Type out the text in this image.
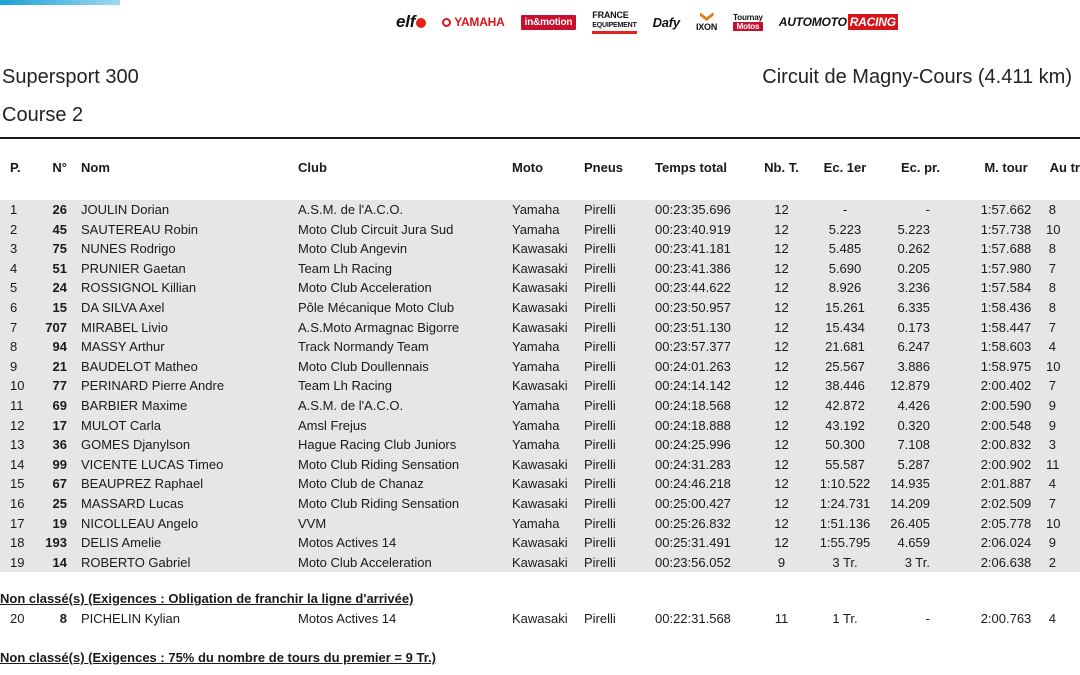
elf	YAMAHA	in&motion
FRANCE
EQUIPEMENT Dafy IXON
Tournay
Motos AUTOMOTO RACING
Supersport 300
Course 2
Circuit de Magny-Cours (4.411 km)
P.	N°	Nom	Club	Moto	Pneus	Temps total	Nb. T.	Ec. 1er	Ec. pr.	M. tour	Au tr

1	26	JOULIN Dorian	A.S.M. de l'A.C.O.	Yamaha	Pirelli	00:23:35.696	12	-	-	1:57.662	8
2	45	SAUTEREAU Robin	Moto Club Circuit Jura Sud	Yamaha	Pirelli	00:23:40.919	12	5.223	5.223	1:57.738	10
3	75	NUNES Rodrigo	Moto Club Angevin	Kawasaki	Pirelli	00:23:41.181	12	5.485	0.262	1:57.688	8
4	51	PRUNIER Gaetan	Team Lh Racing	Kawasaki	Pirelli	00:23:41.386	12	5.690	0.205	1:57.980	7
5	24	ROSSIGNOL Killian	Moto Club Acceleration	Kawasaki	Pirelli	00:23:44.622	12	8.926	3.236	1:57.584	8
6	15	DA SILVA Axel	Pôle Mécanique Moto Club	Kawasaki	Pirelli	00:23:50.957	12	15.261	6.335	1:58.436	8
7	707	MIRABEL Livio	A.S.Moto Armagnac Bigorre	Kawasaki	Pirelli	00:23:51.130	12	15.434	0.173	1:58.447	7
8	94	MASSY Arthur	Track Normandy Team	Yamaha	Pirelli	00:23:57.377	12	21.681	6.247	1:58.603	4
9	21	BAUDELOT Matheo	Moto Club Doullennais	Yamaha	Pirelli	00:24:01.263	12	25.567	3.886	1:58.975	10
10	77	PERINARD Pierre Andre	Team Lh Racing	Kawasaki	Pirelli	00:24:14.142	12	38.446	12.879	2:00.402	7
11	69	BARBIER Maxime	A.S.M. de l'A.C.O.	Yamaha	Pirelli	00:24:18.568	12	42.872	4.426	2:00.590	9
12	17	MULOT Carla	Amsl Frejus	Yamaha	Pirelli	00:24:18.888	12	43.192	0.320	2:00.548	9
13	36	GOMES Djanylson	Hague Racing Club Juniors	Yamaha	Pirelli	00:24:25.996	12	50.300	7.108	2:00.832	3
14	99	VICENTE LUCAS Timeo	Moto Club Riding Sensation	Kawasaki	Pirelli	00:24:31.283	12	55.587	5.287	2:00.902	11
15	67	BEAUPREZ Raphael	Moto Club de Chanaz	Kawasaki	Pirelli	00:24:46.218	12	1:10.522	14.935	2:01.887	4
16	25	MASSARD Lucas	Moto Club Riding Sensation	Kawasaki	Pirelli	00:25:00.427	12	1:24.731	14.209	2:02.509	7
17	19	NICOLLEAU Angelo	VVM	Yamaha	Pirelli	00:25:26.832	12	1:51.136	26.405	2:05.778	10
18	193	DELIS Amelie	Motos Actives 14	Kawasaki	Pirelli	00:25:31.491	12	1:55.795	4.659	2:06.024	9
19	14	ROBERTO Gabriel	Moto Club Acceleration	Kawasaki	Pirelli	00:23:56.052	9	3 Tr.	3 Tr.	2:06.638	2
Non classé(s) (Exigences : Obligation de franchir la ligne d'arrivée)
20	8	PICHELIN Kylian	Motos Actives 14	Kawasaki	Pirelli	00:22:31.568	11	1 Tr.	-	2:00.763	4
Non classé(s) (Exigences : 75% du nombre de tours du premier = 9 Tr.)
